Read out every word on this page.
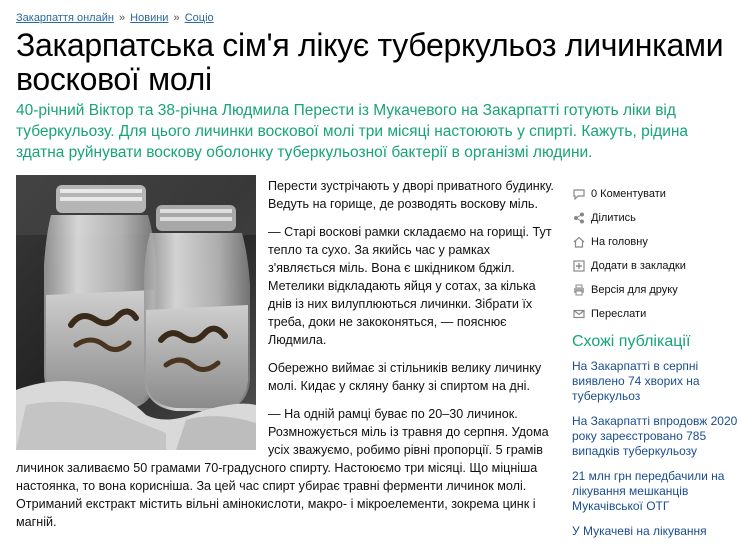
Закарпаття онлайн » Новини » Соціо
Закарпатська сім'я лікує туберкульоз личинками воскової молі

40-річний Віктор та 38-річна Людмила Перести із Мукачевого на Закарпатті готують ліки від туберкульозу. Для цього личинки воскової молі три місяці настоюють у спирті. Кажуть, рідина здатна руйнувати воскову оболонку туберкульозної бактерії в організмі людини.

Перести зустрічають у дворі приватного будинку. Ведуть на горище, де розводять воскову міль.

— Старі воскові рамки складаємо на горищі. Тут тепло та сухо. За якийсь час у рамках з'являється міль. Вона є шкідником бджіл. Метелики відкладають яйця у сотах, за кілька днів із них вилуплюються личинки. Зібрати їх треба, доки не закоконяться, — пояснює Людмила.

Обережно виймає зі стільників велику личинку молі. Кидає у скляну банку зі спиртом на дні.

— На одній рамці буває по 20–30 личинок. Розмножується міль із травня до серпня. Удома усіх зважуємо, робимо рівні пропорції. 5 грамів личинок заливаємо 50 грамами 70-градусного спирту. Настоюємо три місяці. Що міцніша настоянка, то вона корисніша. За цей час спирт убирає травні ферменти личинок молі. Отриманий екстракт містить вільні амінокислоти, макро- і мікроелементи, зокрема цинк і магній.

0 Коментувати
Ділитись
На головну
Додати в закладки
Версія для друку
Переслати
Схожі публікації
На Закарпатті в серпні виявлено 74 хворих на туберкульоз
На Закарпатті впродовж 2020 року зареєстровано 785 випадків туберкульозу
21 млн грн передбачили на лікування мешканців Мукачівської ОТГ
У Мукачеві на лікування
